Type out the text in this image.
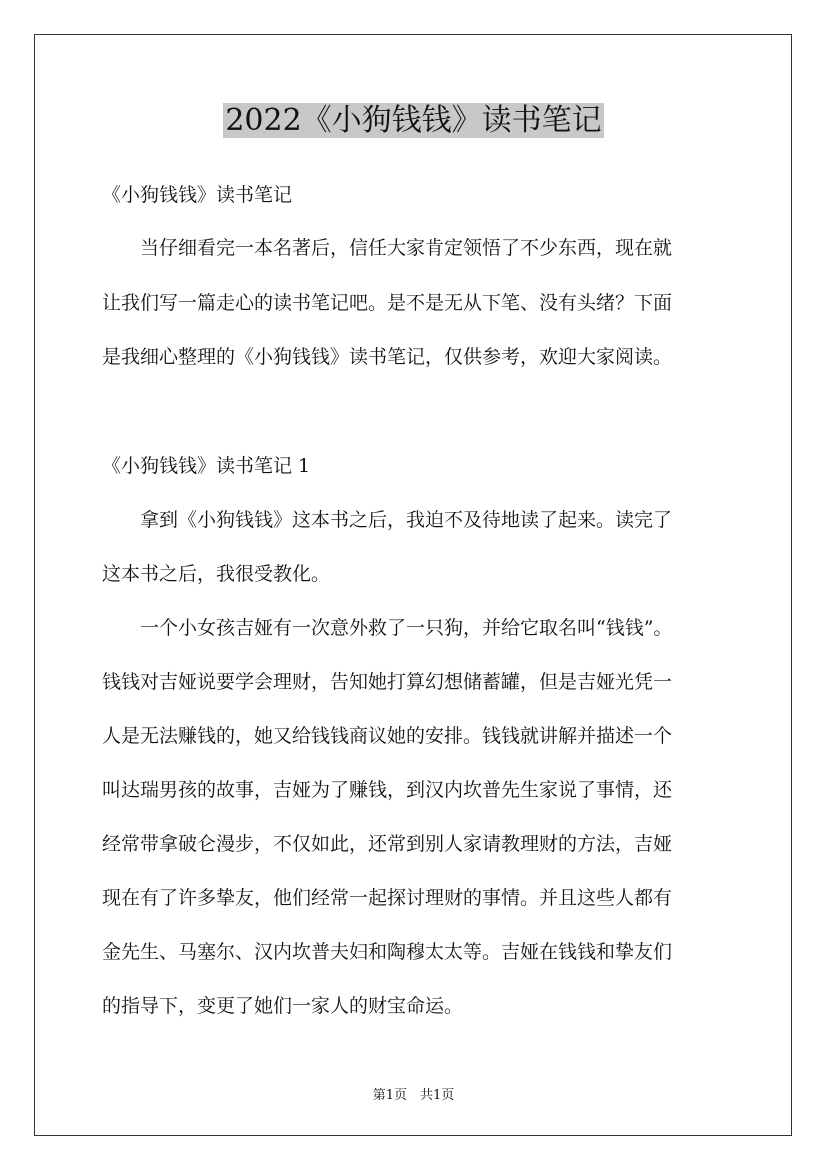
2022《小狗钱钱》读书笔记
《小狗钱钱》读书笔记
　　当仔细看完一本名著后，信任大家肯定领悟了不少东西，现在就
让我们写一篇走心的读书笔记吧。是不是无从下笔、没有头绪？下面
是我细心整理的《小狗钱钱》读书笔记，仅供参考，欢迎大家阅读。
《小狗钱钱》读书笔记 1
　　拿到《小狗钱钱》这本书之后，我迫不及待地读了起来。读完了
这本书之后，我很受教化。
　　一个小女孩吉娅有一次意外救了一只狗，并给它取名叫“钱钱”。
钱钱对吉娅说要学会理财，告知她打算幻想储蓄罐，但是吉娅光凭一
人是无法赚钱的，她又给钱钱商议她的安排。钱钱就讲解并描述一个
叫达瑞男孩的故事，吉娅为了赚钱，到汉内坎普先生家说了事情，还
经常带拿破仑漫步，不仅如此，还常到别人家请教理财的方法，吉娅
现在有了许多挚友，他们经常一起探讨理财的事情。并且这些人都有
金先生、马塞尔、汉内坎普夫妇和陶穆太太等。吉娅在钱钱和挚友们
的指导下，变更了她们一家人的财宝命运。
第1页　共1页
